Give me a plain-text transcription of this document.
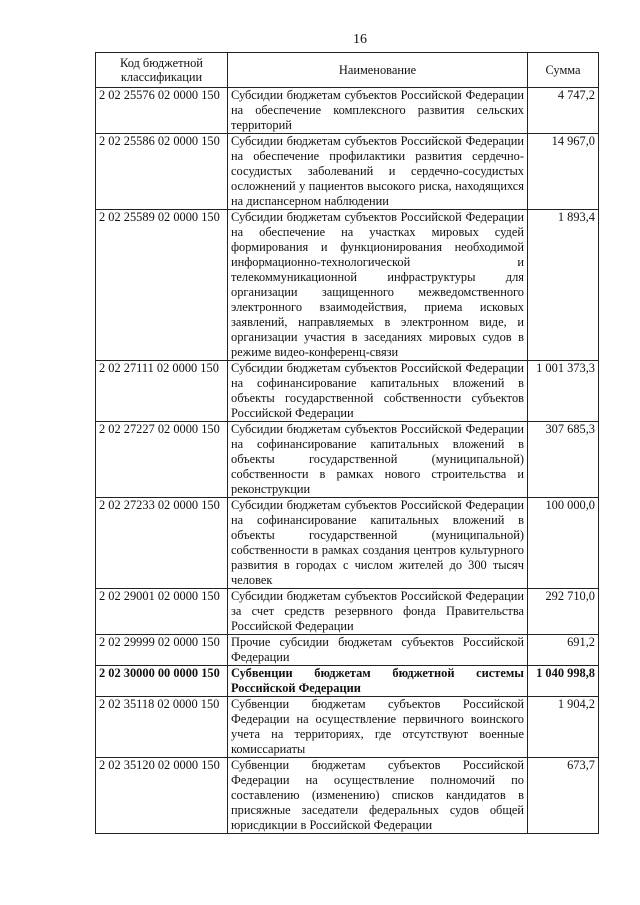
16
Код бюджетной классификации	Наименование	Сумма
2 02 25576 02 0000 150	Субсидии бюджетам субъектов Российской Федерации на обеспечение комплексного развития сельских территорий	4 747,2
2 02 25586 02 0000 150	Субсидии бюджетам субъектов Российской Федерации на обеспечение профилактики развития сердечно-сосудистых заболеваний и сердечно-сосудистых осложнений у пациентов высокого риска, находящихся на диспансерном наблюдении	14 967,0
2 02 25589 02 0000 150	Субсидии бюджетам субъектов Российской Федерации на обеспечение на участках мировых судей формирования и функционирования необходимой информационно-технологической и телекоммуникационной инфраструктуры для организации защищенного межведомственного электронного взаимодействия, приема исковых заявлений, направляемых в электронном виде, и организации участия в заседаниях мировых судов в режиме видео-конференц-связи	1 893,4
2 02 27111 02 0000 150	Субсидии бюджетам субъектов Российской Федерации на софинансирование капитальных вложений в объекты государственной собственности субъектов Российской Федерации	1 001 373,3
2 02 27227 02 0000 150	Субсидии бюджетам субъектов Российской Федерации на софинансирование капитальных вложений в объекты государственной (муниципальной) собственности в рамках нового строительства и реконструкции	307 685,3
2 02 27233 02 0000 150	Субсидии бюджетам субъектов Российской Федерации на софинансирование капитальных вложений в объекты государственной (муниципальной) собственности в рамках создания центров культурного развития в городах с числом жителей до 300 тысяч человек	100 000,0
2 02 29001 02 0000 150	Субсидии бюджетам субъектов Российской Федерации за счет средств резервного фонда Правительства Российской Федерации	292 710,0
2 02 29999 02 0000 150	Прочие субсидии бюджетам субъектов Российской Федерации	691,2
2 02 30000 00 0000 150	Субвенции бюджетам бюджетной системы Российской Федерации	1 040 998,8
2 02 35118 02 0000 150	Субвенции бюджетам субъектов Российской Федерации на осуществление первичного воинского учета на территориях, где отсутствуют военные комиссариаты	1 904,2
2 02 35120 02 0000 150	Субвенции бюджетам субъектов Российской Федерации на осуществление полномочий по составлению (изменению) списков кандидатов в присяжные заседатели федеральных судов общей юрисдикции в Российской Федерации	673,7
